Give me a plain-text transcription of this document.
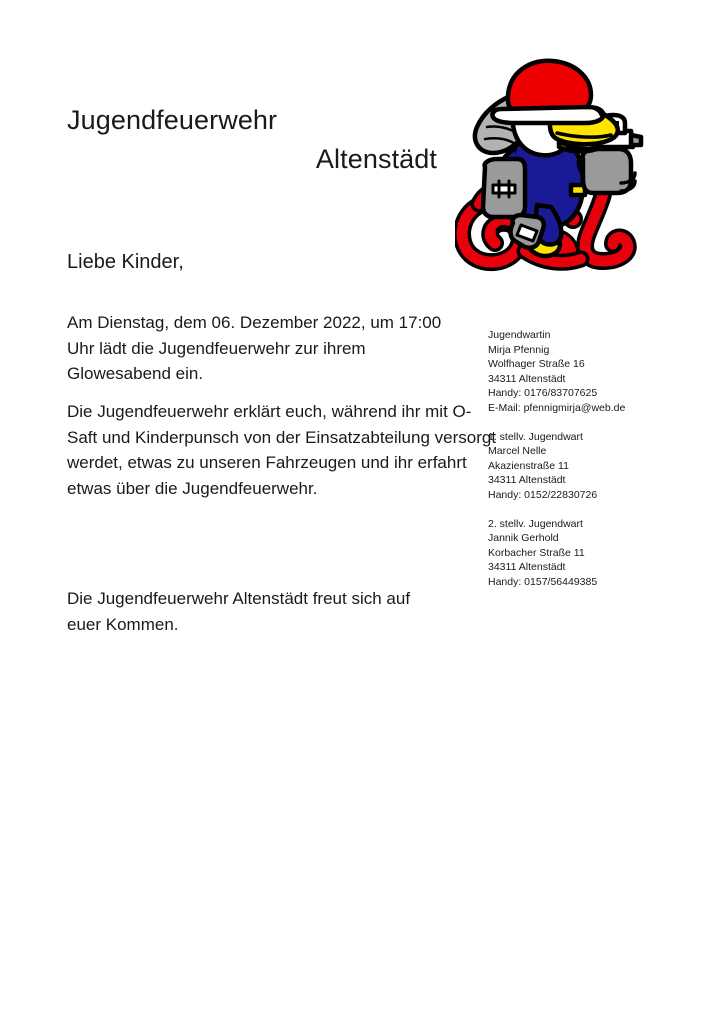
Jugendfeuerwehr
Altenstädt
Liebe Kinder,

Am Dienstag, dem 06. Dezember 2022, um 17:00 Uhr lädt die Jugendfeuerwehr zur ihrem Glowesabend ein.

Die Jugendfeuerwehr erklärt euch, während ihr mit O-Saft und Kinderpunsch von der Einsatzabteilung versorgt werdet, etwas zu unseren Fahrzeugen und ihr erfahrt etwas über die Jugendfeuerwehr.

Die Jugendfeuerwehr Altenstädt freut sich auf euer Kommen.

Jugendwartin
Mirja Pfennig
Wolfhager Straße 16
34311 Altenstädt
Handy: 0176/83707625
E-Mail: pfennigmirja@web.de
1. stellv. Jugendwart
Marcel Nelle
Akazienstraße 11
34311 Altenstädt
Handy: 0152/22830726
2. stellv. Jugendwart
Jannik Gerhold
Korbacher Straße 11
34311 Altenstädt
Handy: 0157/56449385
